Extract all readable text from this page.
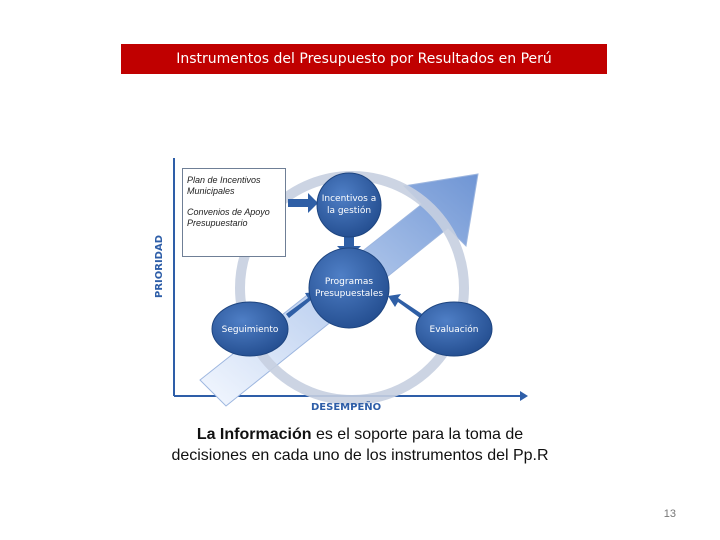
Instrumentos del Presupuesto por Resultados en Perú
Incentivos a
la gestión
Programas
Presupuestales
Seguimiento	Evaluación
PRIORIDAD
DESEMPEÑO

Plan de Incentivos Municipales

Convenios de Apoyo Presupuestario

La Información es el soporte para la toma de
decisiones en cada uno de los instrumentos del Pp.R
13
